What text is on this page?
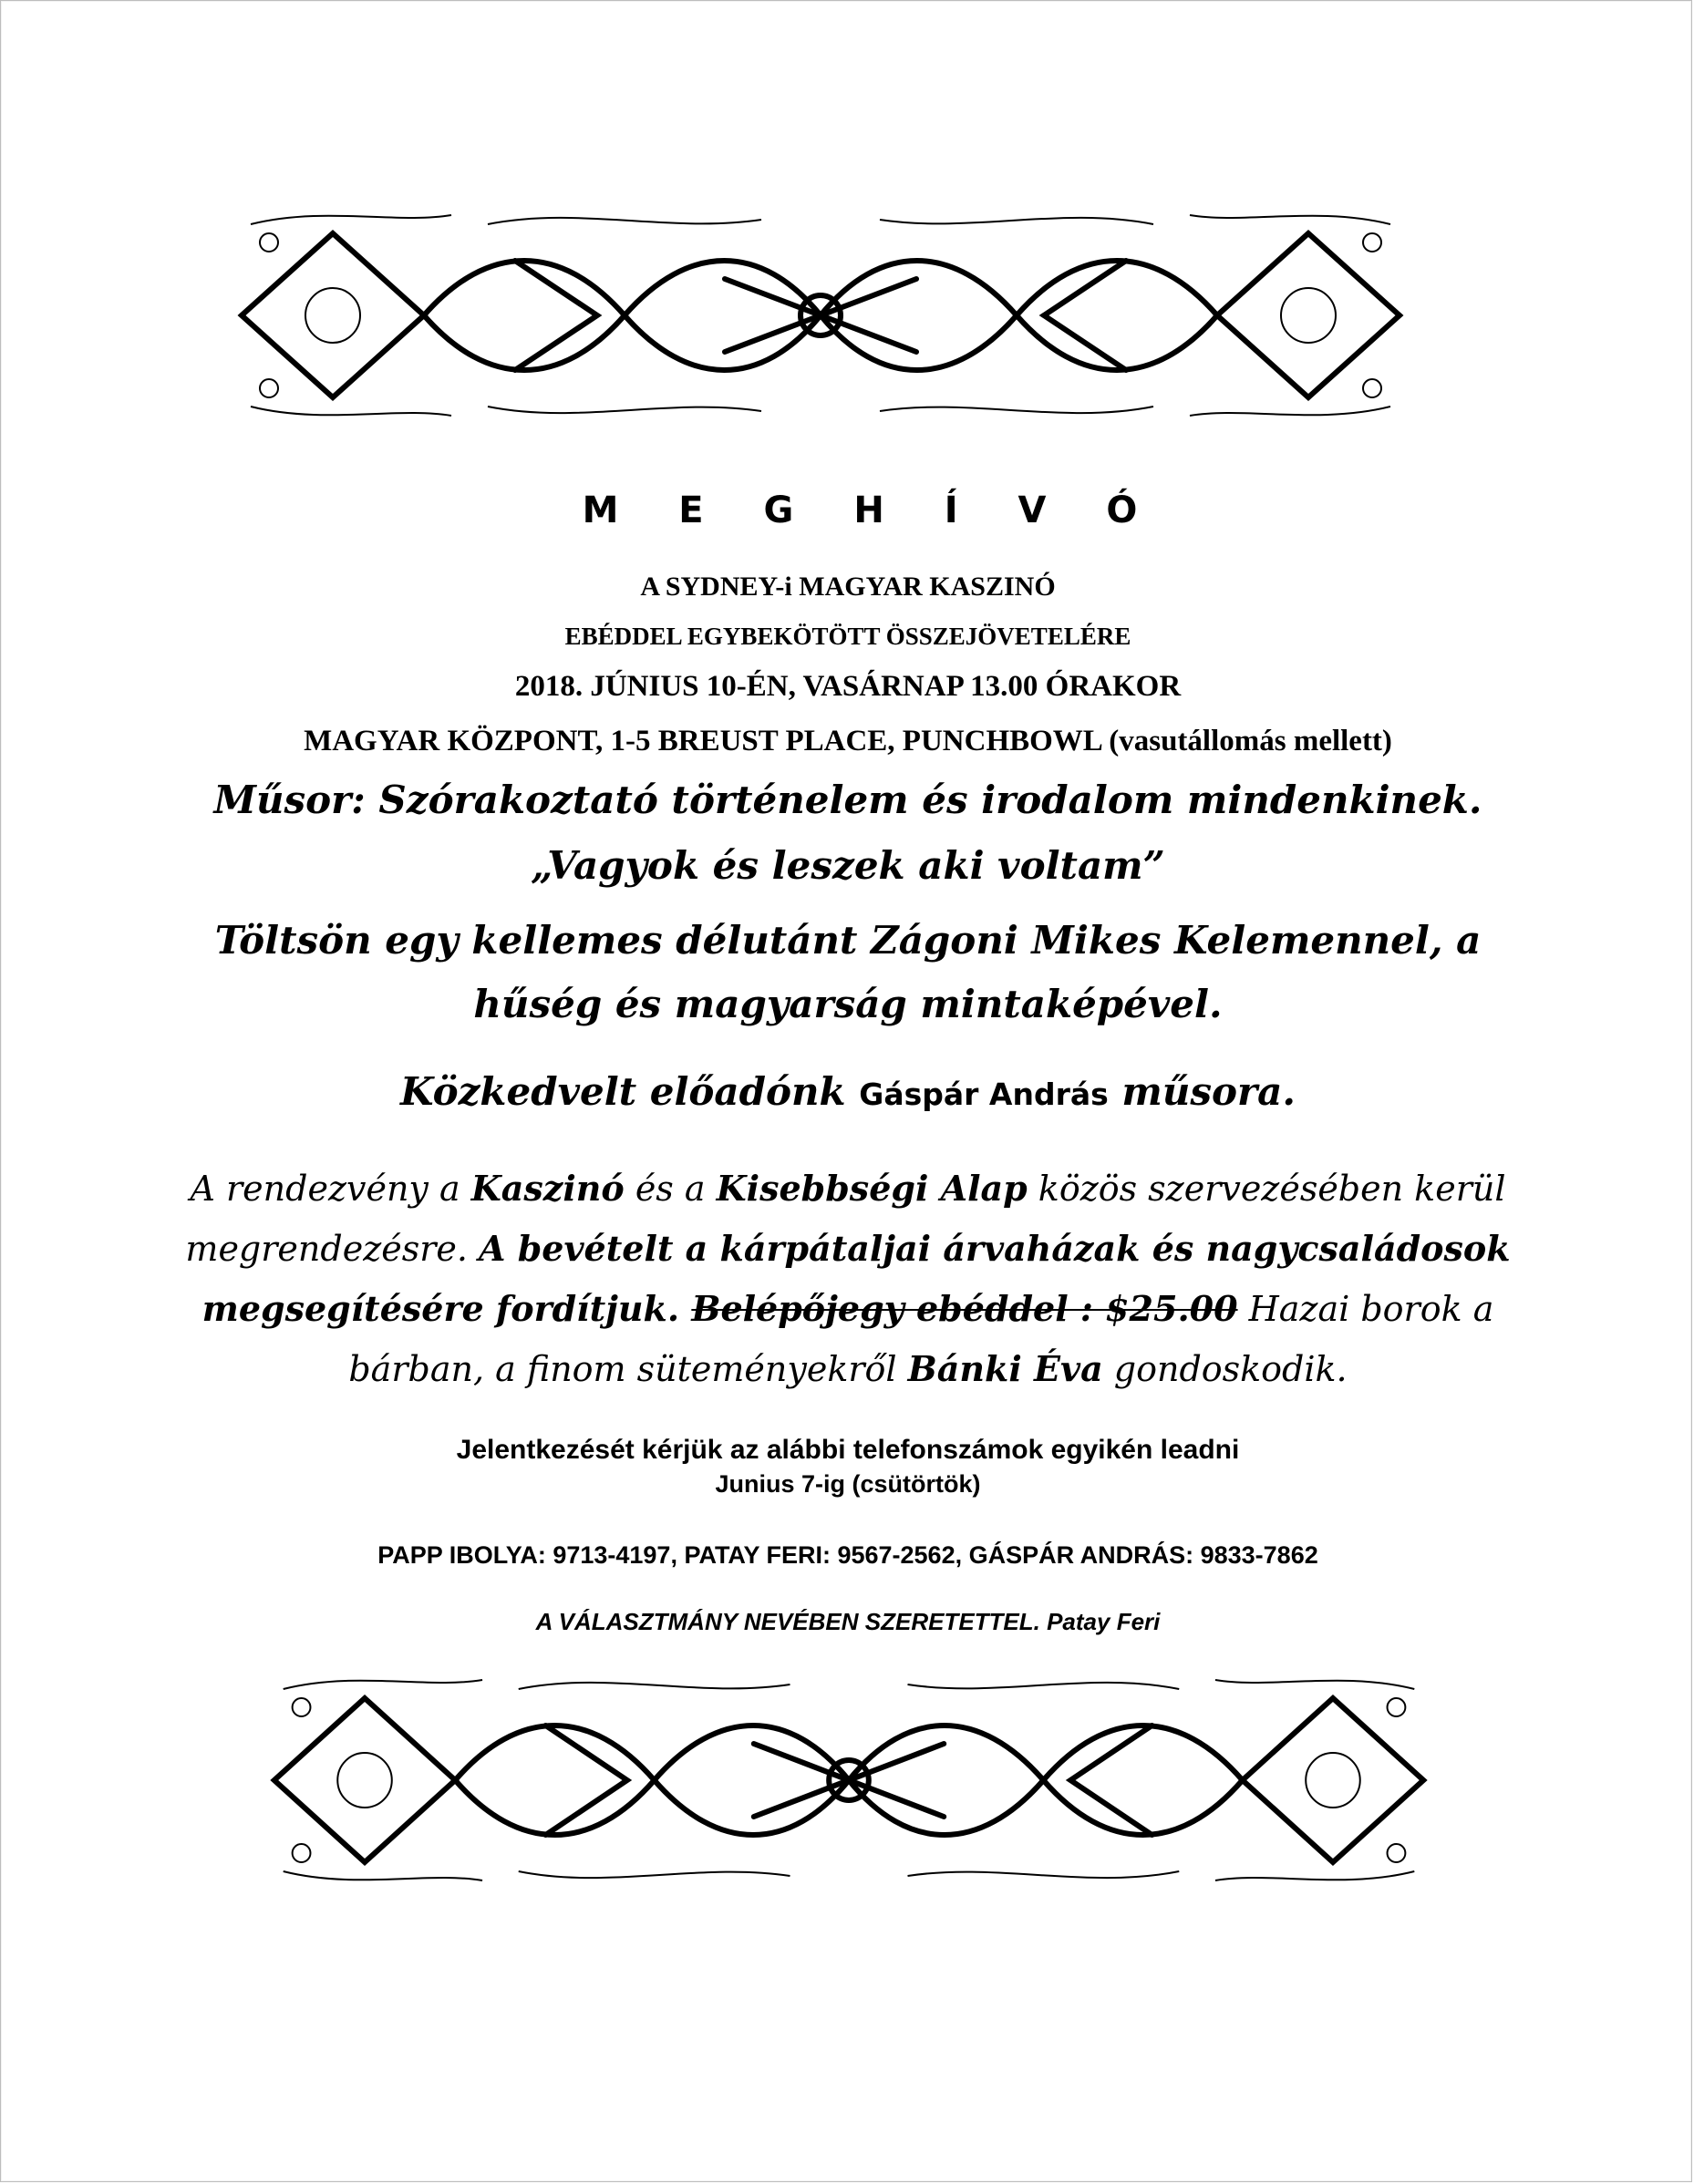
M E G H Í V Ó
A SYDNEY-i MAGYAR KASZINÓ
EBÉDDEL EGYBEKÖTÖTT ÖSSZEJÖVETELÉRE
2018. JÚNIUS 10-ÉN, VASÁRNAP 13.00 ÓRAKOR
MAGYAR KÖZPONT, 1-5 BREUST PLACE, PUNCHBOWL (vasutállomás mellett)
Műsor: Szórakoztató történelem és irodalom mindenkinek.
„Vagyok és leszek aki voltam”
Töltsön egy kellemes délutánt Zágoni Mikes Kelemennel, a
hűség és magyarság mintaképével.
Közkedvelt előadónk Gáspár András műsora.
A rendezvény a Kaszinó és a Kisebbségi Alap közös szervezésében kerül
megrendezésre. A bevételt a kárpátaljai árvaházak és nagycsaládosok
megsegítésére fordítjuk. Belépőjegy ebéddel : $25.00 Hazai borok a
bárban, a finom süteményekről Bánki Éva gondoskodik.
Jelentkezését kérjük az alábbi telefonszámok egyikén leadni
Junius 7-ig (csütörtök)
PAPP IBOLYA: 9713-4197, PATAY FERI: 9567-2562, GÁSPÁR ANDRÁS: 9833-7862
A VÁLASZTMÁNY NEVÉBEN SZERETETTEL. Patay Feri
